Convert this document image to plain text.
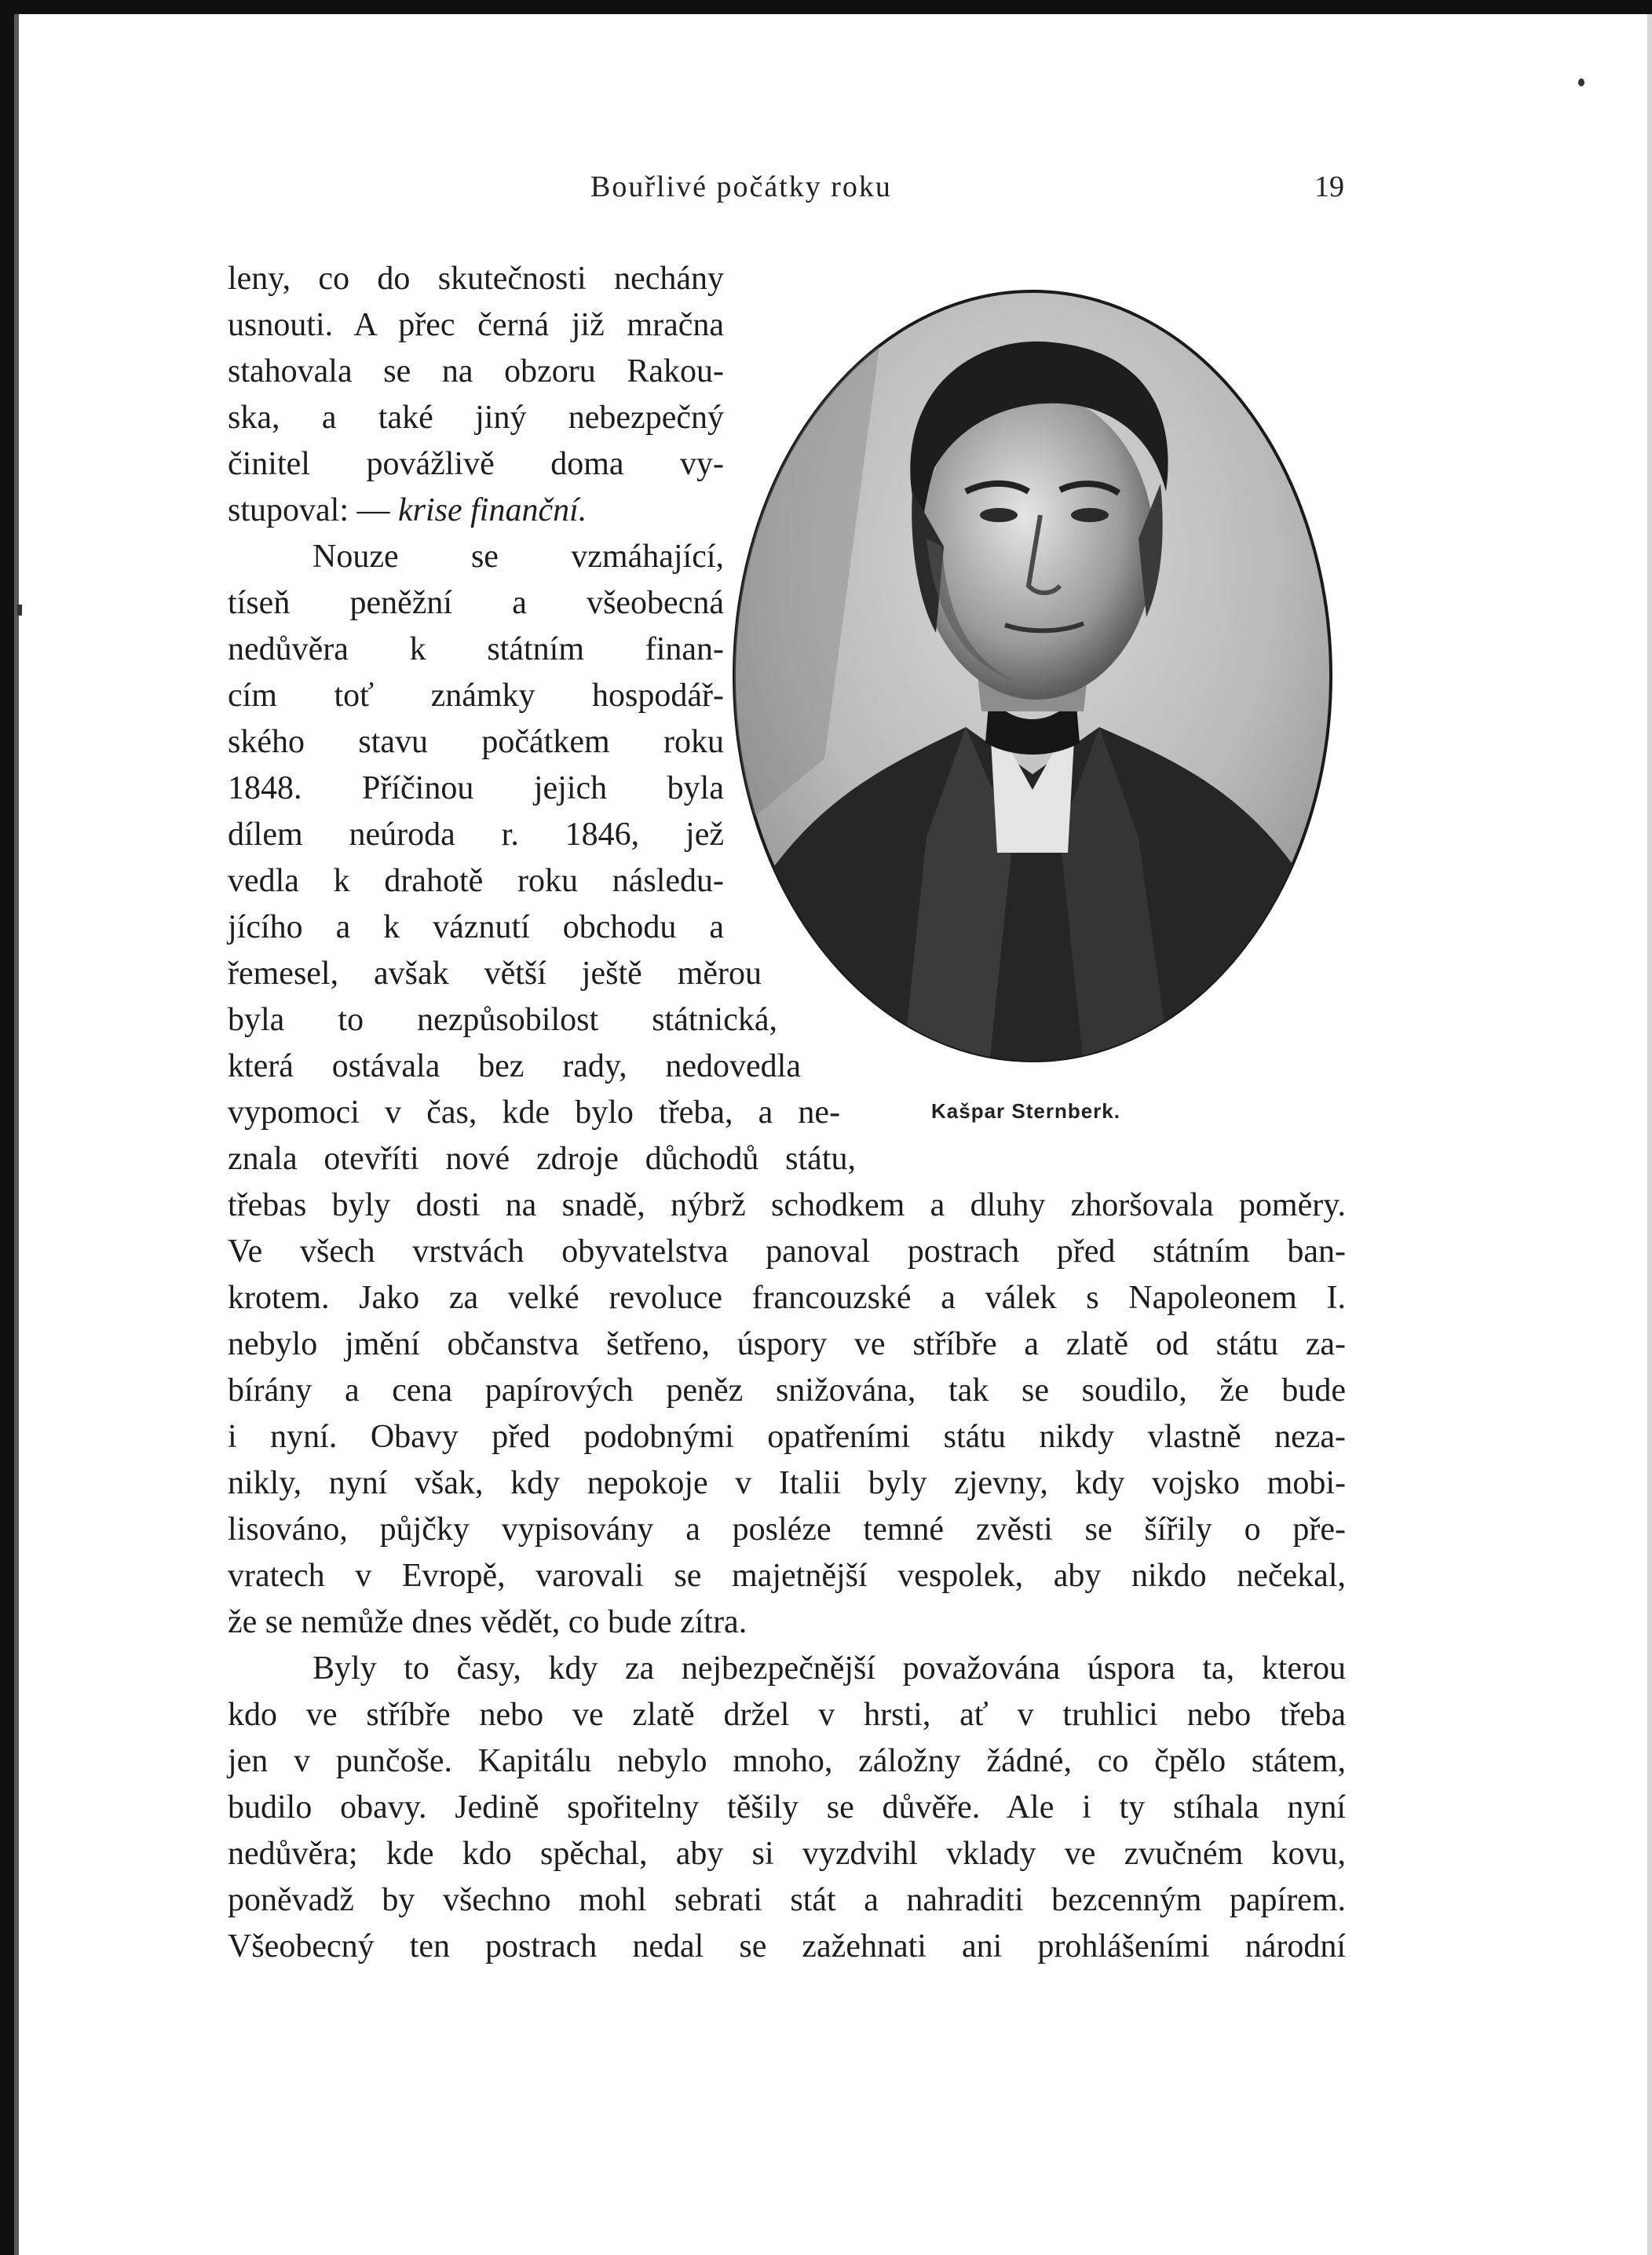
Bouřlivé počátky roku	19
Kašpar Sternberk.
leny, co do skutečnosti nechány
usnouti. A přec černá již mračna
stahovala se na obzoru Rakou-
ska, a také jiný nebezpečný
činitel povážlivě doma vy-
stupoval: — krise finanční.
Nouze se vzmáhající,
tíseň peněžní a všeobecná
nedůvěra k státním finan-
cím toť známky hospodář-
ského stavu počátkem roku
1848. Příčinou jejich byla
dílem neúroda r. 1846, jež
vedla k drahotě roku následu-
jícího a k váznutí obchodu a
řemesel, avšak větší ještě měrou
byla to nezpůsobilost státnická,
která ostávala bez rady, nedovedla
vypomoci v čas, kde bylo třeba, a ne-
znala otevříti nové zdroje důchodů státu,
třebas byly dosti na snadě, nýbrž schodkem a dluhy zhoršovala poměry.
Ve všech vrstvách obyvatelstva panoval postrach před státním ban-
krotem. Jako za velké revoluce francouzské a válek s Napoleonem I.
nebylo jmění občanstva šetřeno, úspory ve stříbře a zlatě od státu za-
bírány a cena papírových peněz snižována, tak se soudilo, že bude
i nyní. Obavy před podobnými opatřeními státu nikdy vlastně neza-
nikly, nyní však, kdy nepokoje v Italii byly zjevny, kdy vojsko mobi-
lisováno, půjčky vypisovány a posléze temné zvěsti se šířily o pře-
vratech v Evropě, varovali se majetnější vespolek, aby nikdo nečekal,
že se nemůže dnes vědět, co bude zítra.
Byly to časy, kdy za nejbezpečnější považována úspora ta, kterou
kdo ve stříbře nebo ve zlatě držel v hrsti, ať v truhlici nebo třeba
jen v punčoše. Kapitálu nebylo mnoho, záložny žádné, co čpělo státem,
budilo obavy. Jedině spořitelny těšily se důvěře. Ale i ty stíhala nyní
nedůvěra; kde kdo spěchal, aby si vyzdvihl vklady ve zvučném kovu,
poněvadž by všechno mohl sebrati stát a nahraditi bezcenným papírem.
Všeobecný ten postrach nedal se zažehnati ani prohlášeními národní
